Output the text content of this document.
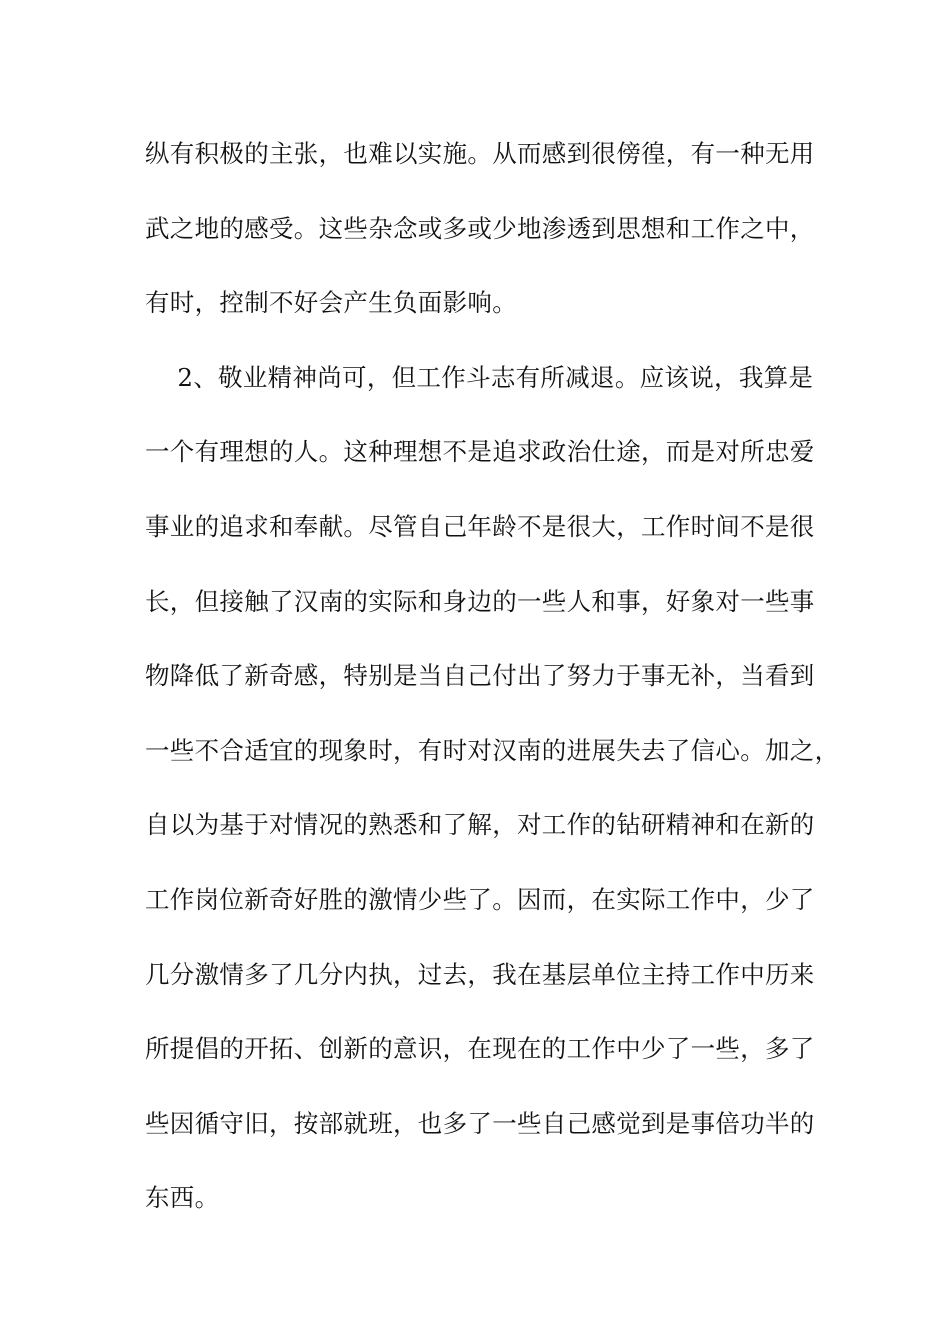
纵有积极的主张，也难以实施。从而感到很傍徨，有一种无用
武之地的感受。这些杂念或多或少地渗透到思想和工作之中，
有时，控制不好会产生负面影响。
2、敬业精神尚可，但工作斗志有所减退。应该说，我算是
一个有理想的人。这种理想不是追求政治仕途，而是对所忠爱
事业的追求和奉献。尽管自己年龄不是很大，工作时间不是很
长，但接触了汉南的实际和身边的一些人和事，好象对一些事
物降低了新奇感，特别是当自己付出了努力于事无补，当看到
一些不合适宜的现象时，有时对汉南的进展失去了信心。加之，
自以为基于对情况的熟悉和了解，对工作的钻研精神和在新的
工作岗位新奇好胜的激情少些了。因而，在实际工作中，少了
几分激情多了几分内执，过去，我在基层单位主持工作中历来
所提倡的开拓、创新的意识，在现在的工作中少了一些，多了
些因循守旧，按部就班，也多了一些自己感觉到是事倍功半的
东西。
